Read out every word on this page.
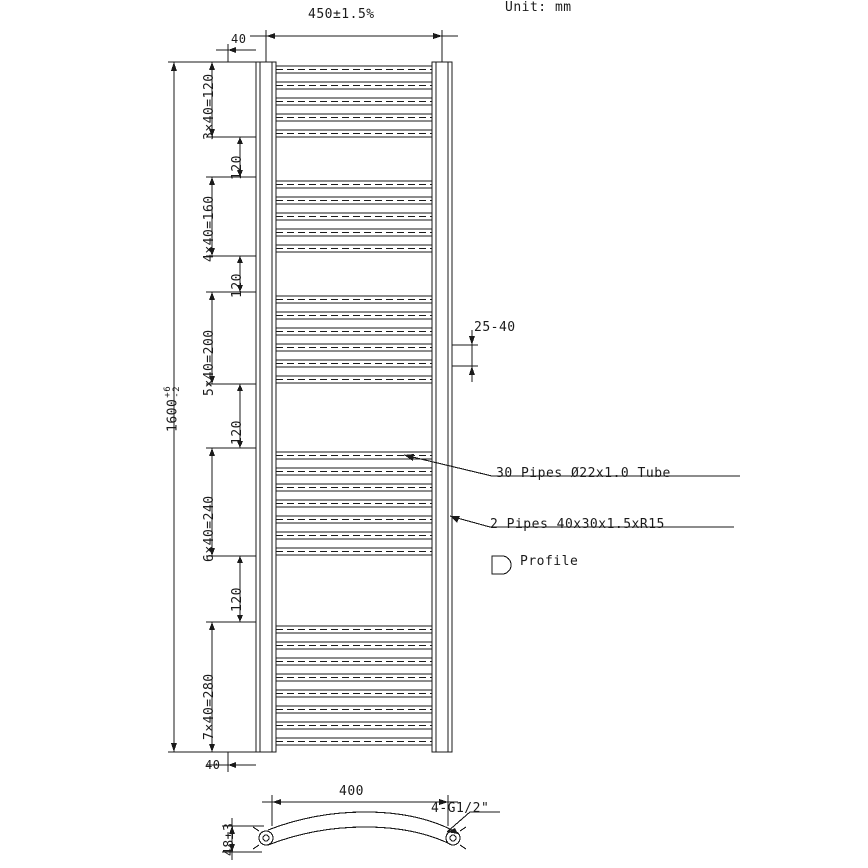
Unit: mm
450±1.5%
40
40
1600+6
-2
3×40=120
4×40=160
5×40=200
6×40=240
7×40=280
120
120
120
120
25-40
30 Pipes Ø22x1.0 Tube
2 Pipes 40x30x1.5xR15
Profile
400
48±3
4-G1/2"
